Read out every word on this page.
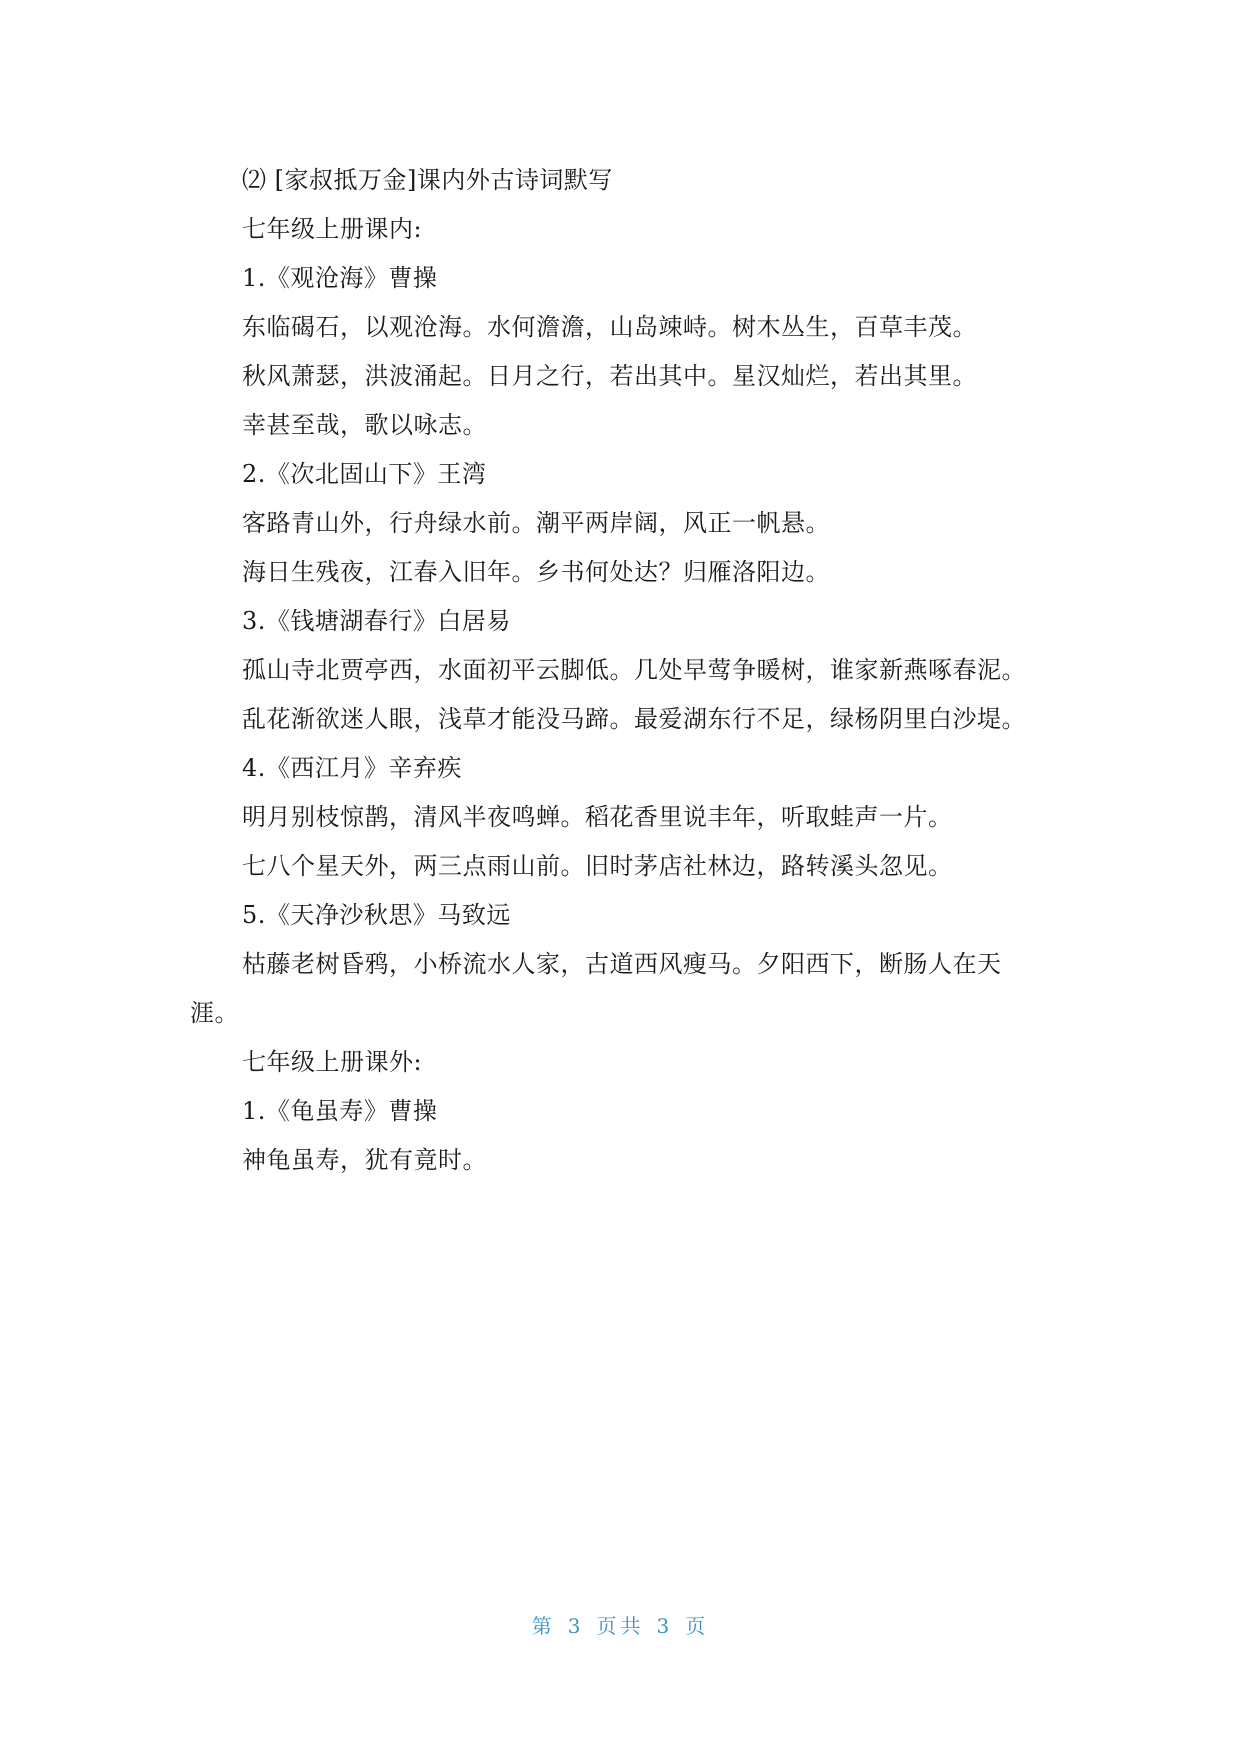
⑵ [家叔抵万金]课内外古诗词默写
七年级上册课内:
1.《观沧海》曹操
东临碣石，以观沧海。水何澹澹，山岛竦峙。树木丛生，百草丰茂。
秋风萧瑟，洪波涌起。日月之行，若出其中。星汉灿烂，若出其里。
幸甚至哉，歌以咏志。
2.《次北固山下》王湾
客路青山外，行舟绿水前。潮平两岸阔，风正一帆悬。
海日生残夜，江春入旧年。乡书何处达？归雁洛阳边。
3.《钱塘湖春行》白居易
孤山寺北贾亭西，水面初平云脚低。几处早莺争暖树，谁家新燕啄春泥。
乱花渐欲迷人眼，浅草才能没马蹄。最爱湖东行不足，绿杨阴里白沙堤。
4.《西江月》辛弃疾
明月别枝惊鹊，清风半夜鸣蝉。稻花香里说丰年，听取蛙声一片。
七八个星天外，两三点雨山前。旧时茅店社林边，路转溪头忽见。
5.《天净沙秋思》马致远
枯藤老树昏鸦，小桥流水人家，古道西风瘦马。夕阳西下，断肠人在天涯。
七年级上册课外:
1.《龟虽寿》曹操
神龟虽寿，犹有竟时。
第 3 页共 3 页
